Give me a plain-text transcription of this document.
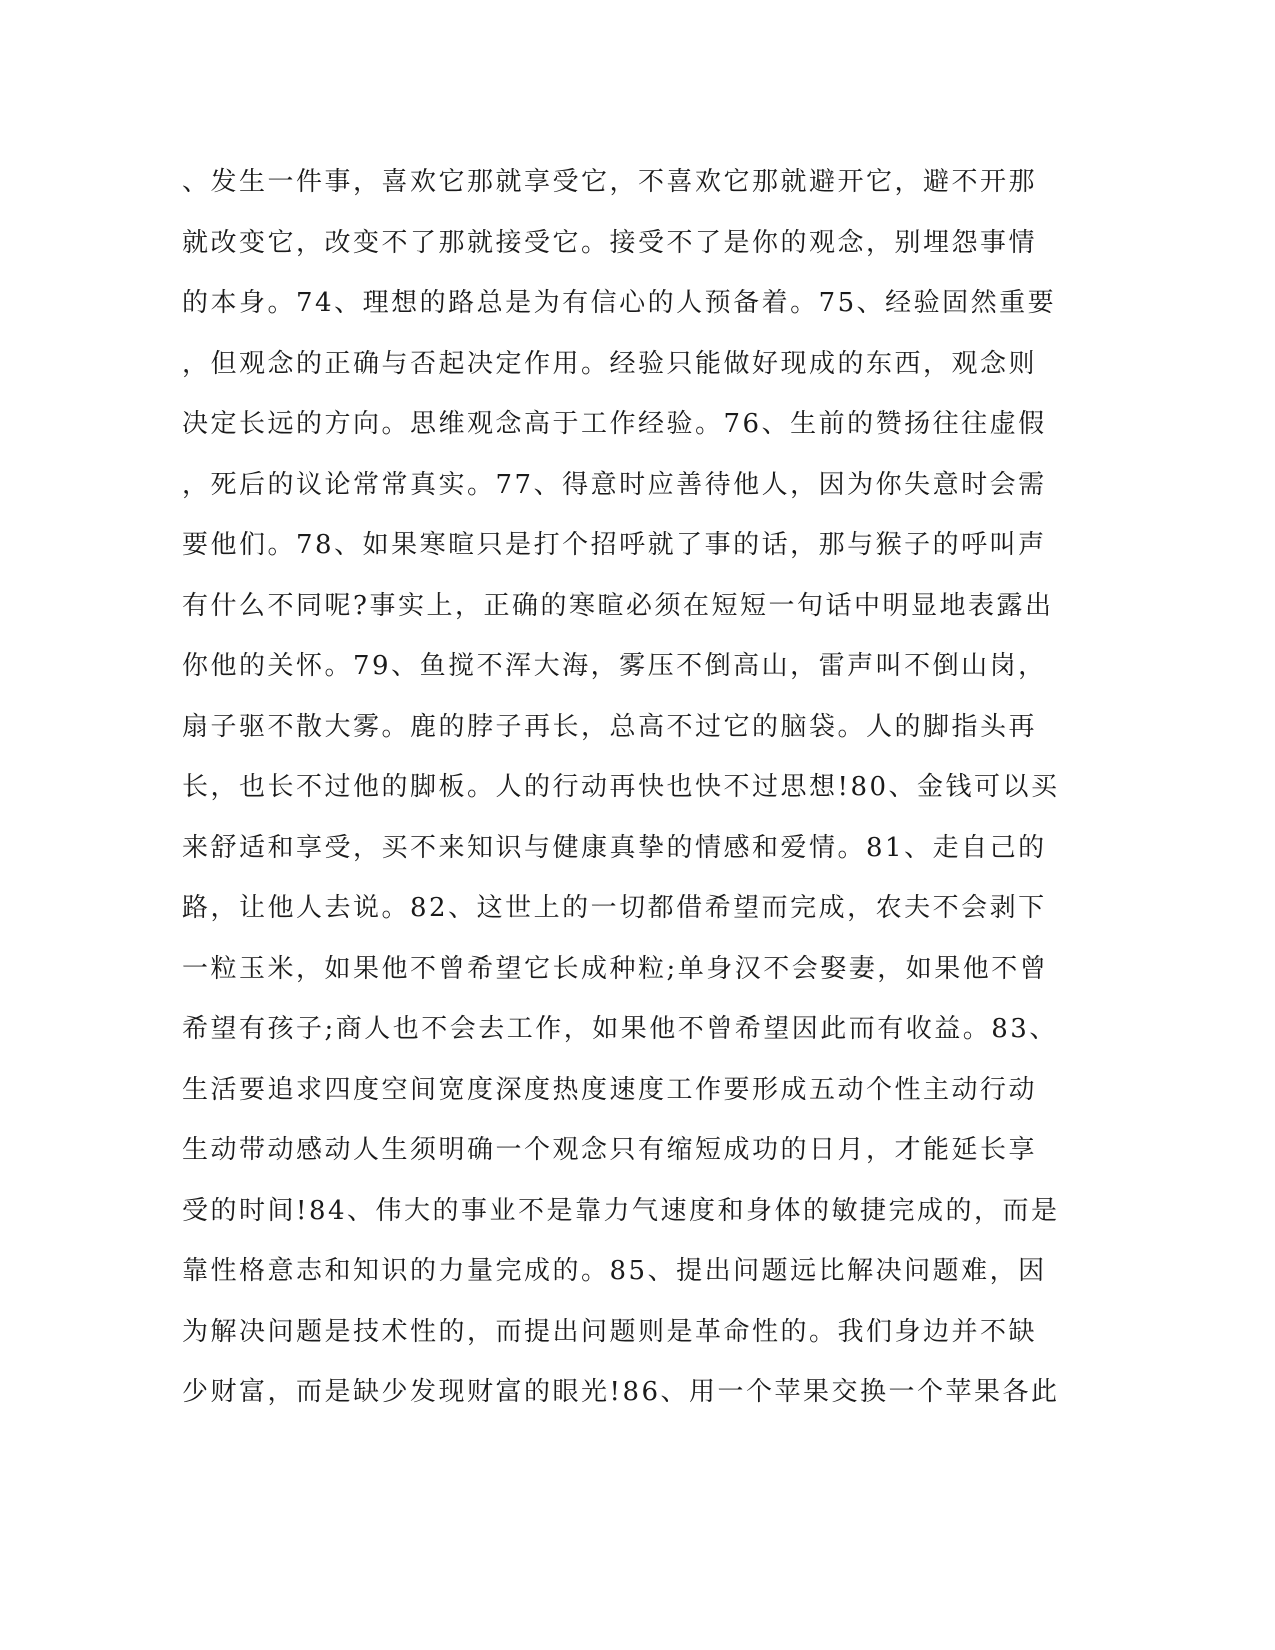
、发生一件事，喜欢它那就享受它，不喜欢它那就避开它，避不开那
就改变它，改变不了那就接受它。接受不了是你的观念，别埋怨事情
的本身。74、理想的路总是为有信心的人预备着。75、经验固然重要
，但观念的正确与否起决定作用。经验只能做好现成的东西，观念则
决定长远的方向。思维观念高于工作经验。76、生前的赞扬往往虚假
，死后的议论常常真实。77、得意时应善待他人，因为你失意时会需
要他们。78、如果寒暄只是打个招呼就了事的话，那与猴子的呼叫声
有什么不同呢?事实上，正确的寒暄必须在短短一句话中明显地表露出
你他的关怀。79、鱼搅不浑大海，雾压不倒高山，雷声叫不倒山岗，
扇子驱不散大雾。鹿的脖子再长，总高不过它的脑袋。人的脚指头再
长，也长不过他的脚板。人的行动再快也快不过思想!80、金钱可以买
来舒适和享受，买不来知识与健康真挚的情感和爱情。81、走自己的
路，让他人去说。82、这世上的一切都借希望而完成，农夫不会剥下
一粒玉米，如果他不曾希望它长成种粒;单身汉不会娶妻，如果他不曾
希望有孩子;商人也不会去工作，如果他不曾希望因此而有收益。83、
生活要追求四度空间宽度深度热度速度工作要形成五动个性主动行动
生动带动感动人生须明确一个观念只有缩短成功的日月，才能延长享
受的时间!84、伟大的事业不是靠力气速度和身体的敏捷完成的，而是
靠性格意志和知识的力量完成的。85、提出问题远比解决问题难，因
为解决问题是技术性的，而提出问题则是革命性的。我们身边并不缺
少财富，而是缺少发现财富的眼光!86、用一个苹果交换一个苹果各此
